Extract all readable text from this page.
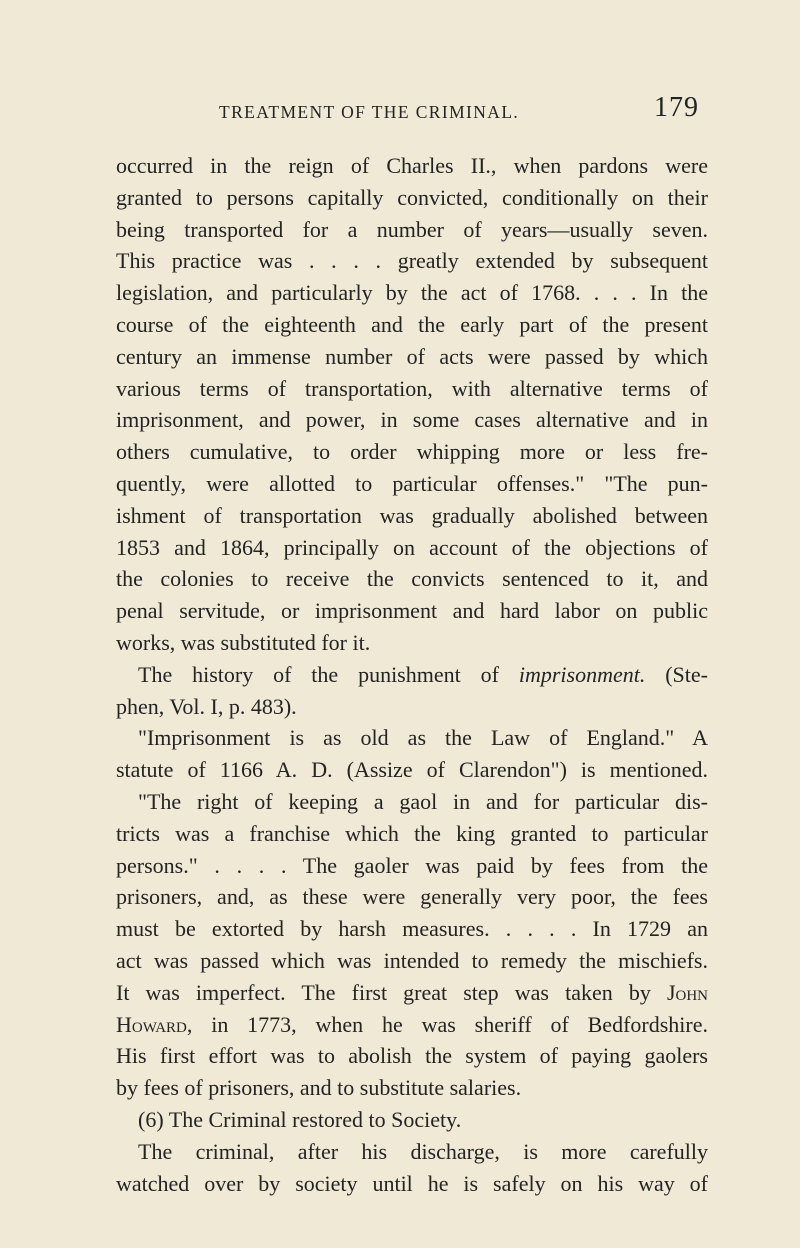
TREATMENT OF THE CRIMINAL.	179
occurred in the reign of Charles II., when pardons were
granted to persons capitally convicted, conditionally on their
being transported for a number of years—usually seven.
This practice was . . . . greatly extended by subsequent
legislation, and particularly by the act of 1768. . . . In the
course of the eighteenth and the early part of the present
century an immense number of acts were passed by which
various terms of transportation, with alternative terms of
imprisonment, and power, in some cases alternative and in
others cumulative, to order whipping more or less fre-
quently, were allotted to particular offenses." "The pun-
ishment of transportation was gradually abolished between
1853 and 1864, principally on account of the objections of
the colonies to receive the convicts sentenced to it, and
penal servitude, or imprisonment and hard labor on public
works, was substituted for it.
The history of the punishment of imprisonment. (Ste-
phen, Vol. I, p. 483).
"Imprisonment is as old as the Law of England." A
statute of 1166 A. D. (Assize of Clarendon") is mentioned.
"The right of keeping a gaol in and for particular dis-
tricts was a franchise which the king granted to particular
persons." . . . . The gaoler was paid by fees from the
prisoners, and, as these were generally very poor, the fees
must be extorted by harsh measures. . . . . In 1729 an
act was passed which was intended to remedy the mischiefs.
It was imperfect. The first great step was taken by John
Howard, in 1773, when he was sheriff of Bedfordshire.
His first effort was to abolish the system of paying gaolers
by fees of prisoners, and to substitute salaries.
(6) The Criminal restored to Society.
The criminal, after his discharge, is more carefully
watched over by society until he is safely on his way of
